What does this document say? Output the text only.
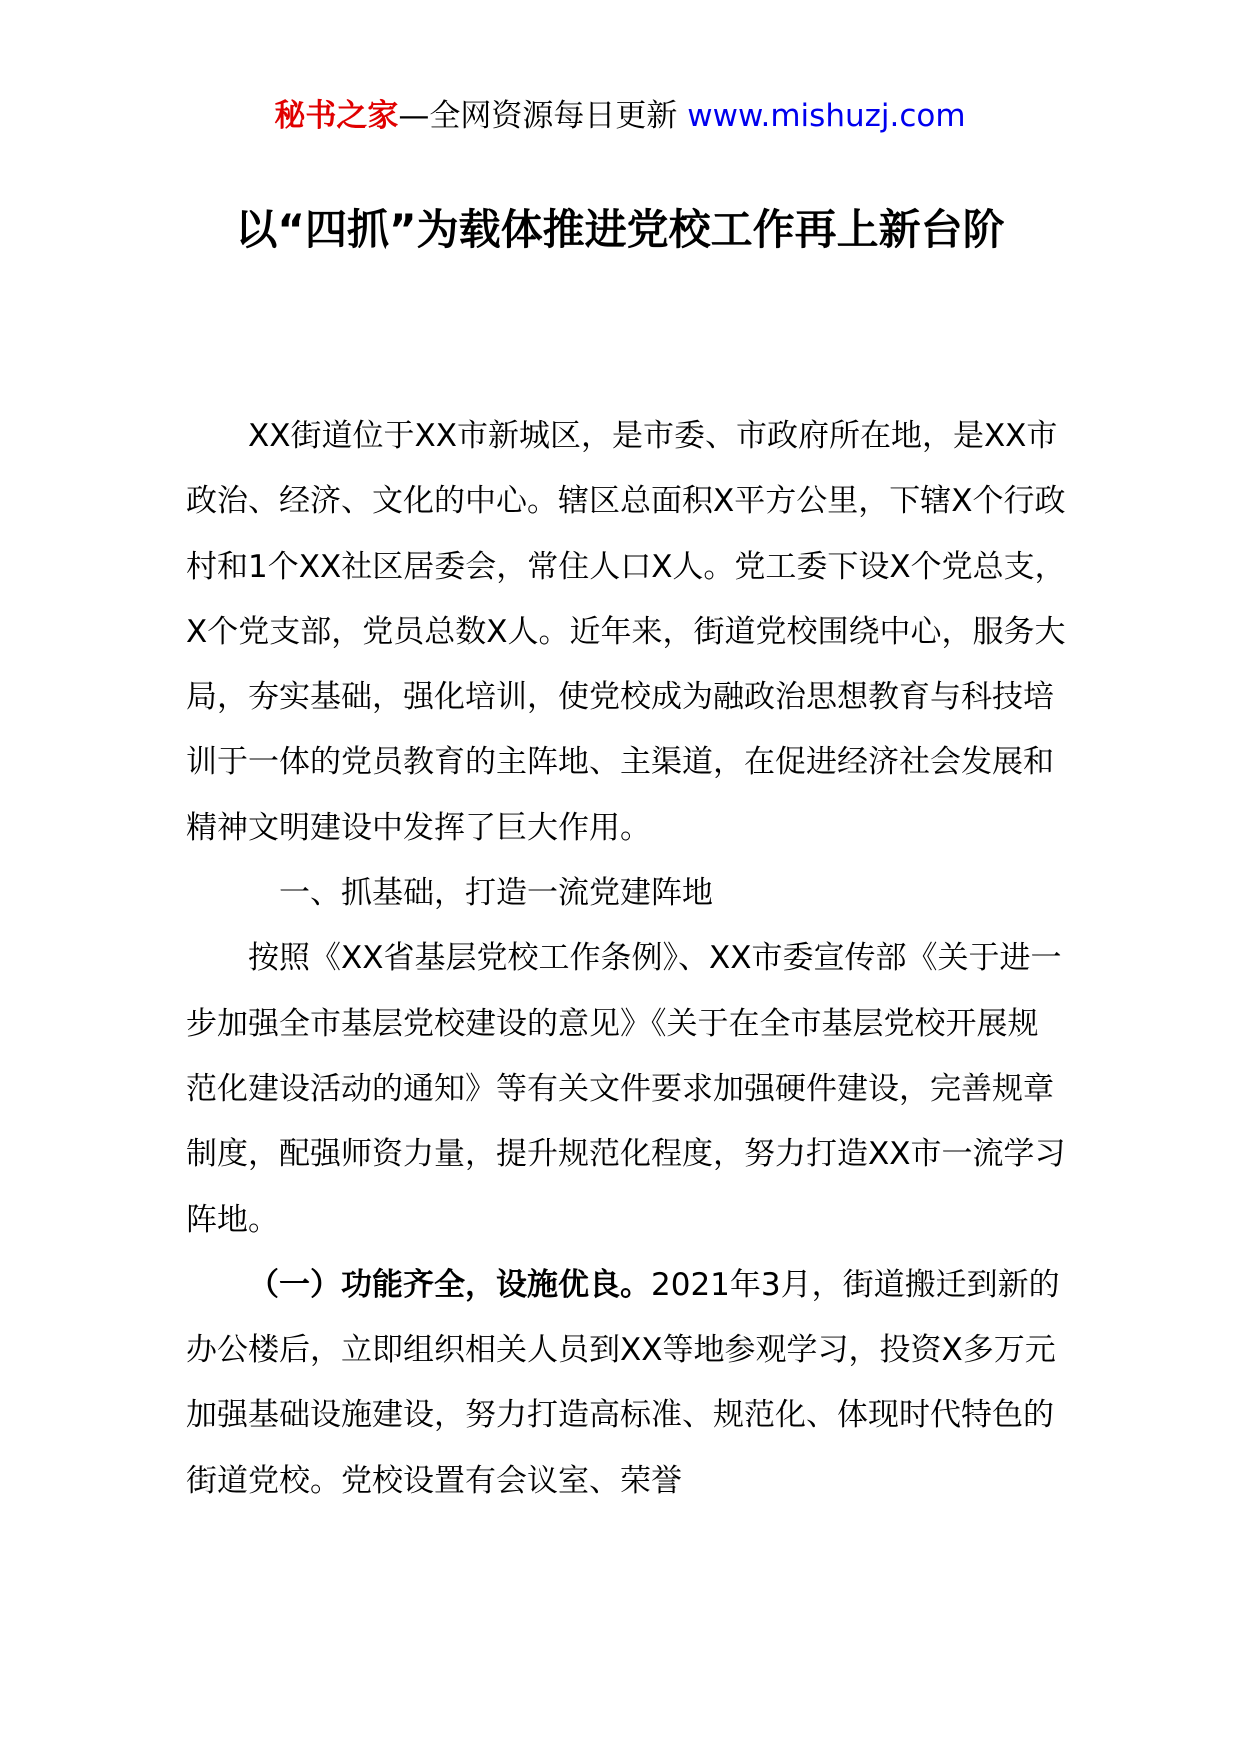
秘书之家—全网资源每日更新 www.mishuzj.com
以“四抓”为载体推进党校工作再上新台阶

XX街道位于XX市新城区，是市委、市政府所在地，是XX市政治、经济、文化的中心。辖区总面积X平方公里，下辖X个行政村和1个XX社区居委会，常住人口X人。党工委下设X个党总支，X个党支部，党员总数X人。近年来，街道党校围绕中心，服务大局，夯实基础，强化培训，使党校成为融政治思想教育与科技培训于一体的党员教育的主阵地、主渠道，在促进经济社会发展和精神文明建设中发挥了巨大作用。

一、抓基础，打造一流党建阵地

按照《XX省基层党校工作条例》、XX市委宣传部《关于进一步加强全市基层党校建设的意见》《关于在全市基层党校开展规范化建设活动的通知》等有关文件要求加强硬件建设，完善规章制度，配强师资力量，提升规范化程度，努力打造XX市一流学习阵地。

（一）功能齐全，设施优良。2021年3月，街道搬迁到新的办公楼后，立即组织相关人员到XX等地参观学习，投资X多万元加强基础设施建设，努力打造高标准、规范化、体现时代特色的街道党校。党校设置有会议室、荣誉
